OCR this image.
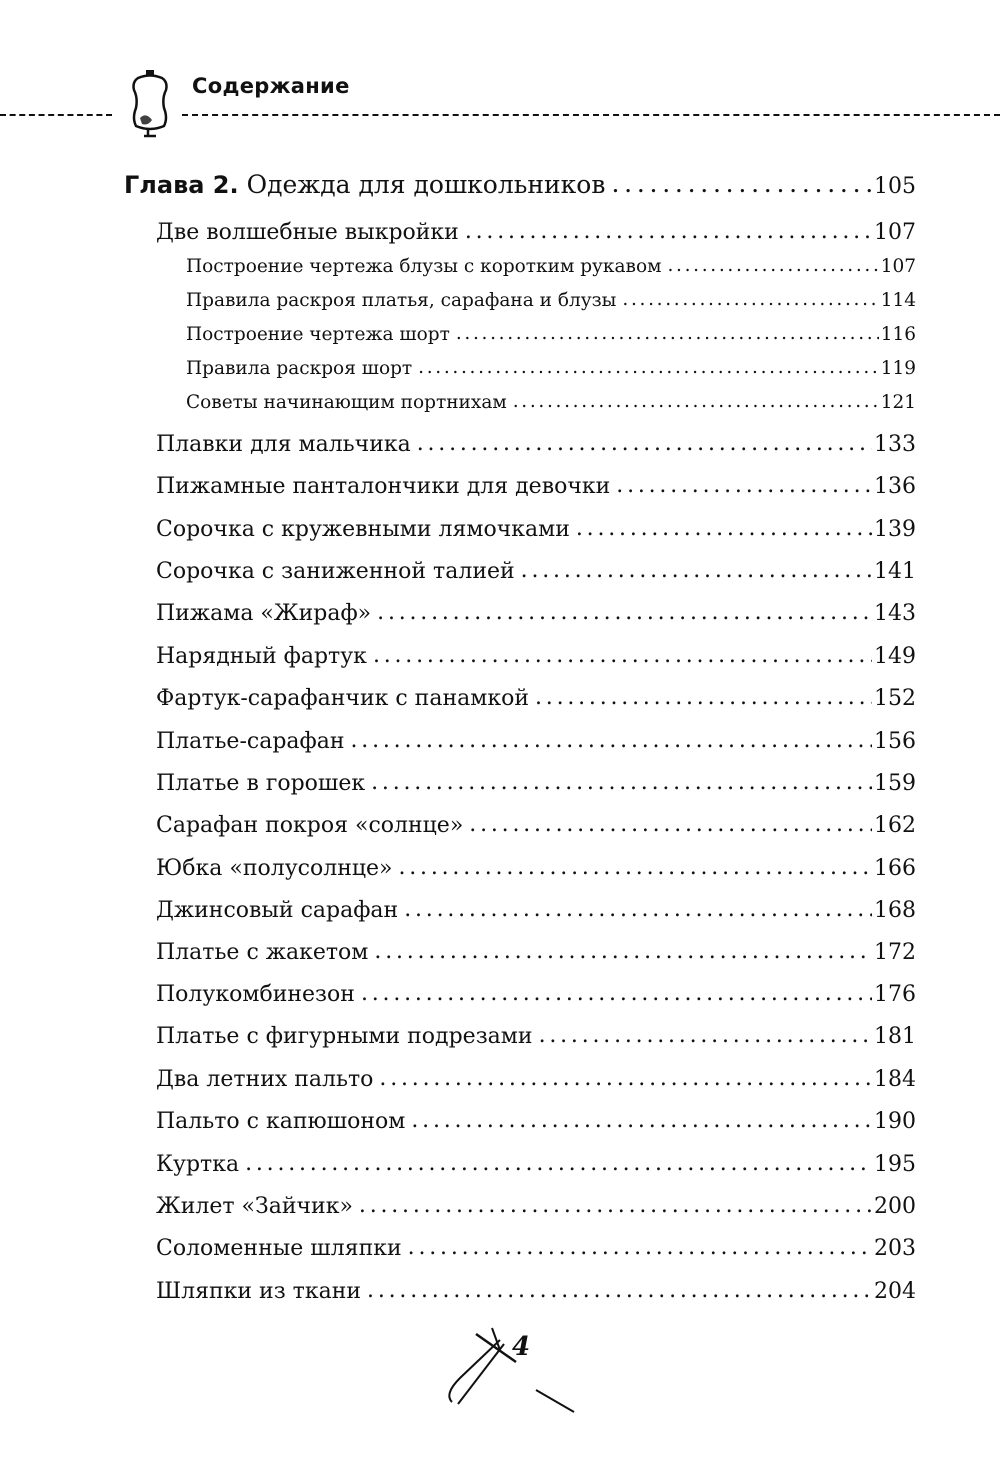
Содержание
Глава 2. Одежда для дошкольников . . .	105
Две волшебные выкройки . . .	107
Построение чертежа блузы с коротким рукавом . . .	107
Правила раскроя платья, сарафана и блузы . . .	114
Построение чертежа шорт . . .	116
Правила раскроя шорт . . .	119
Советы начинающим портнихам . . .	121
Плавки для мальчика . . .	133
Пижамные панталончики для девочки . . .	136
Сорочка с кружевными лямочками . . .	139
Сорочка с заниженной талией . . .	141
Пижама «Жираф» . . .	143
Нарядный фартук . . .	149
Фартук-сарафанчик с панамкой . . .	152
Платье-сарафан . . .	156
Платье в горошек . . .	159
Сарафан покроя «солнце» . . .	162
Юбка «полусолнце» . . .	166
Джинсовый сарафан . . .	168
Платье с жакетом . . .	172
Полукомбинезон . . .	176
Платье с фигурными подрезами . . .	181
Два летних пальто . . .	184
Пальто с капюшоном . . .	190
Куртка . . .	195
Жилет «Зайчик» . . .	200
Соломенные шляпки . . .	203
Шляпки из ткани . . .	204
4
